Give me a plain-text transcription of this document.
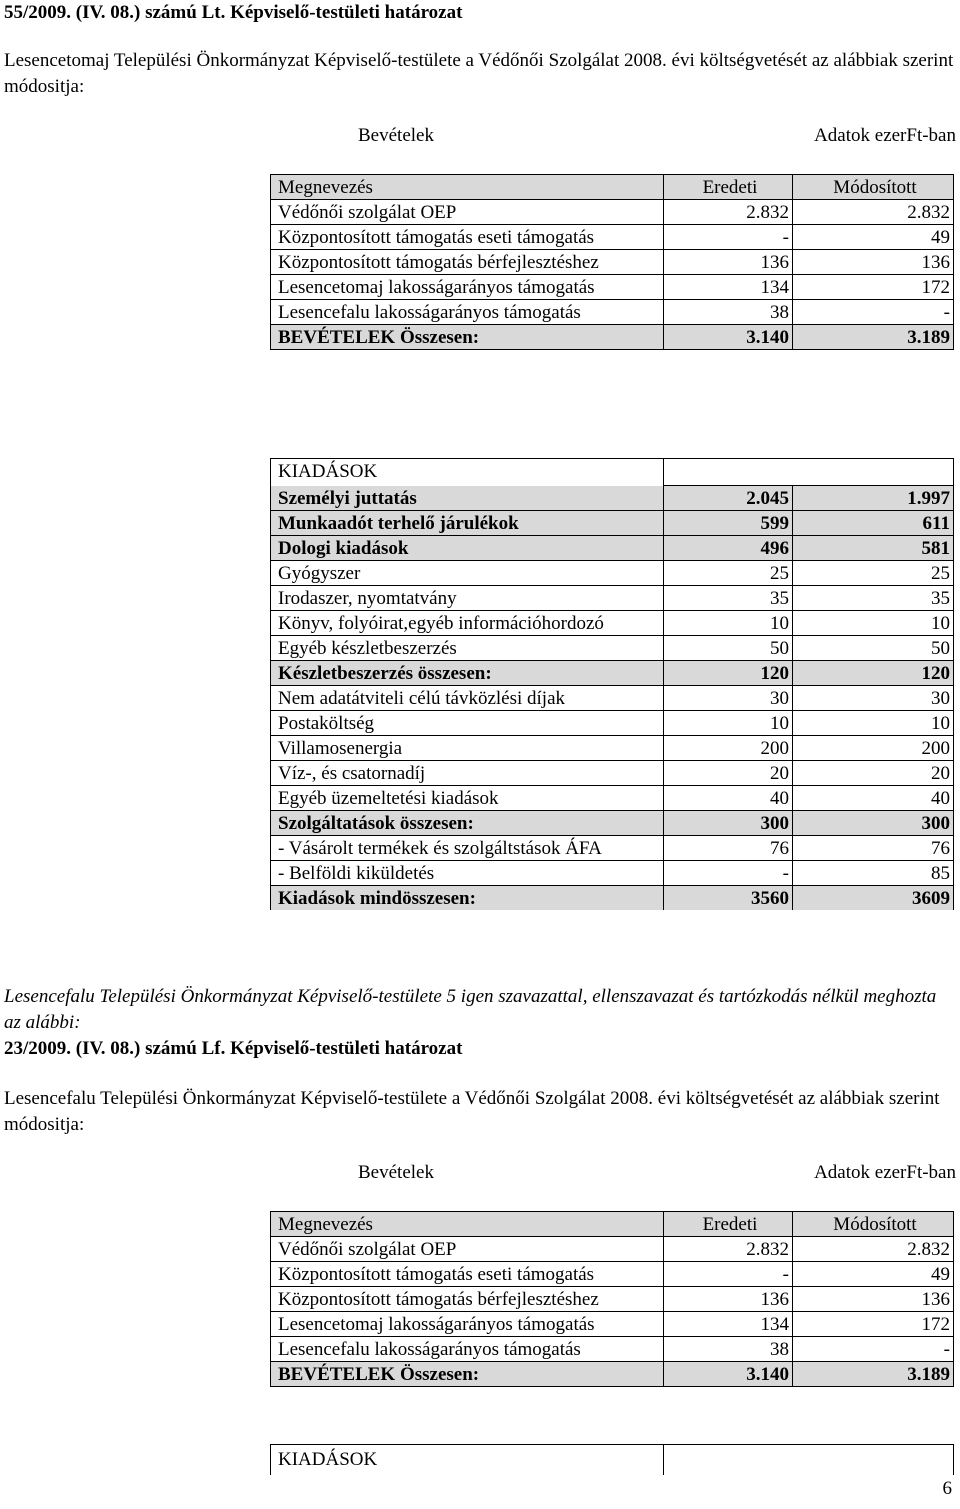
55/2009. (IV. 08.) számú Lt. Képviselő-testületi határozat

Lesencetomaj Települési Önkormányzat Képviselő-testülete a Védőnői Szolgálat 2008. évi költségvetését az alábbiak szerint módositja:

Bevételek	Adatok ezerFt-ban
Megnevezés	Eredeti	Módosított
Védőnői szolgálat OEP	2.832	2.832
Központosított támogatás eseti támogatás	-	49
Központosított támogatás bérfejlesztéshez	136	136
Lesencetomaj lakosságarányos támogatás	134	172
Lesencefalu lakosságarányos támogatás	38	-
BEVÉTELEK Összesen:	3.140	3.189
KIADÁSOK		
Személyi juttatás	2.045	1.997
Munkaadót terhelő járulékok	599	611
Dologi kiadások	496	581
Gyógyszer	25	25
Irodaszer, nyomtatvány	35	35
Könyv, folyóirat,egyéb információhordozó	10	10
Egyéb készletbeszerzés	50	50
Készletbeszerzés összesen:	120	120
Nem adatátviteli célú távközlési díjak	30	30
Postaköltség	10	10
Villamosenergia	200	200
Víz-, és csatornadíj	20	20
Egyéb üzemeltetési kiadások	40	40
Szolgáltatások összesen:	300	300
- Vásárolt termékek és szolgáltstások ÁFA	76	76
- Belföldi kiküldetés	-	85
Kiadások mindösszesen:	3560	3609

Lesencefalu Települési Önkormányzat Képviselő-testülete 5 igen szavazattal, ellenszavazat és tartózkodás nélkül meghozta az alábbi:

23/2009. (IV. 08.) számú Lf. Képviselő-testületi határozat

Lesencefalu Települési Önkormányzat Képviselő-testülete a Védőnői Szolgálat 2008. évi költségvetését az alábbiak szerint módositja:

Bevételek	Adatok ezerFt-ban
Megnevezés	Eredeti	Módosított
Védőnői szolgálat OEP	2.832	2.832
Központosított támogatás eseti támogatás	-	49
Központosított támogatás bérfejlesztéshez	136	136
Lesencetomaj lakosságarányos támogatás	134	172
Lesencefalu lakosságarányos támogatás	38	-
BEVÉTELEK Összesen:	3.140	3.189
KIADÁSOK	
6
